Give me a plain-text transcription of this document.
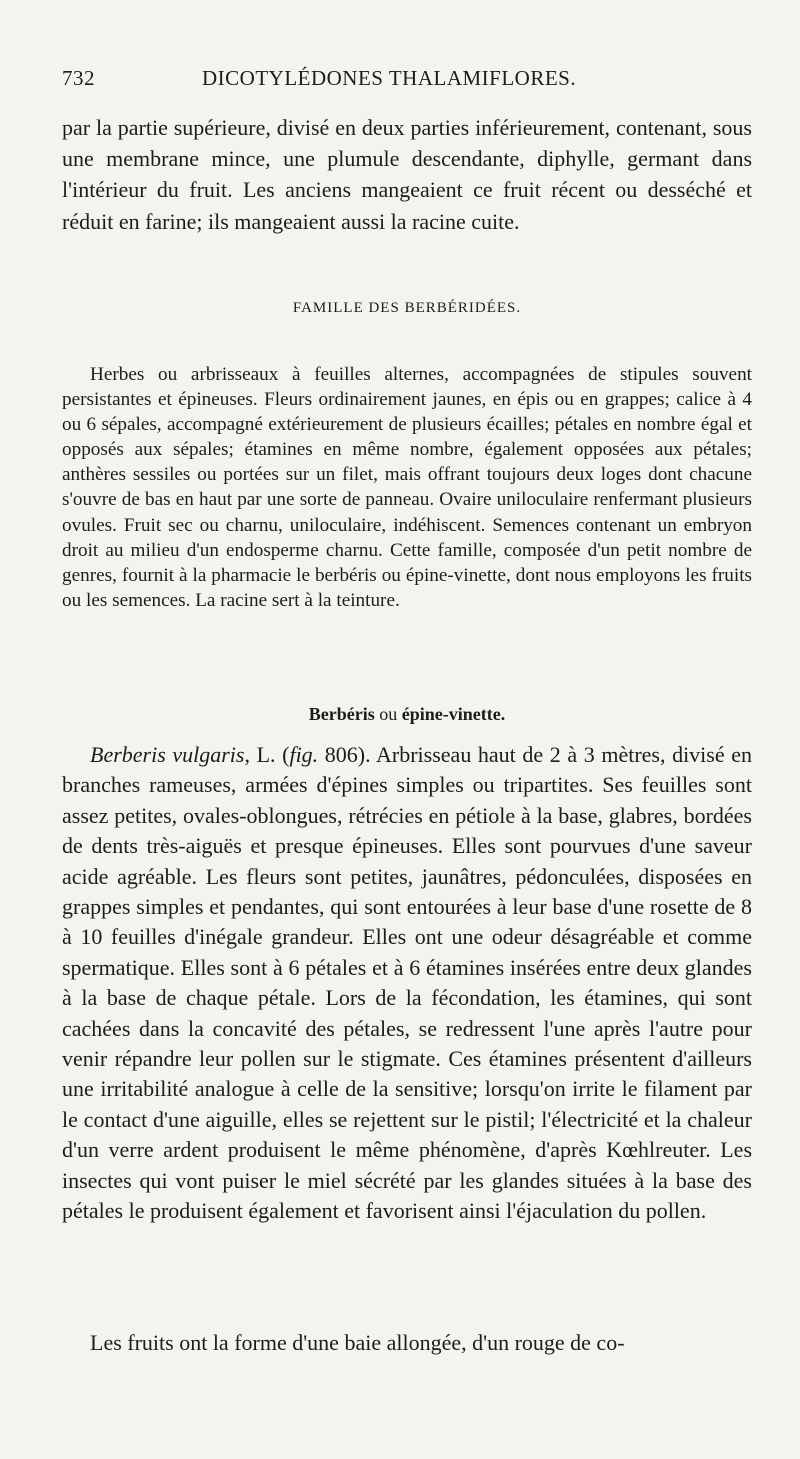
732	DICOTYLÉDONES THALAMIFLORES.

par la partie supérieure, divisé en deux parties inférieurement, contenant, sous une membrane mince, une plumule descendante, diphylle, germant dans l'intérieur du fruit. Les anciens mangeaient ce fruit récent ou desséché et réduit en farine; ils mangeaient aussi la racine cuite.

FAMILLE DES BERBÉRIDÉES.

Herbes ou arbrisseaux à feuilles alternes, accompagnées de stipules souvent persistantes et épineuses. Fleurs ordinairement jaunes, en épis ou en grappes; calice à 4 ou 6 sépales, accompagné extérieurement de plusieurs écailles; pétales en nombre égal et opposés aux sépales; étamines en même nombre, également opposées aux pétales; anthères sessiles ou portées sur un filet, mais offrant toujours deux loges dont chacune s'ouvre de bas en haut par une sorte de panneau. Ovaire uniloculaire renfermant plusieurs ovules. Fruit sec ou charnu, uniloculaire, indéhiscent. Semences contenant un embryon droit au milieu d'un endosperme charnu. Cette famille, composée d'un petit nombre de genres, fournit à la pharmacie le berbéris ou épine-vinette, dont nous employons les fruits ou les semences. La racine sert à la teinture.

Berbéris ou épine-vinette.

Berberis vulgaris, L. (fig. 806). Arbrisseau haut de 2 à 3 mètres, divisé en branches rameuses, armées d'épines simples ou tripartites. Ses feuilles sont assez petites, ovales-oblongues, rétrécies en pétiole à la base, glabres, bordées de dents très-aiguës et presque épineuses. Elles sont pourvues d'une saveur acide agréable. Les fleurs sont petites, jaunâtres, pédonculées, disposées en grappes simples et pendantes, qui sont entourées à leur base d'une rosette de 8 à 10 feuilles d'inégale grandeur. Elles ont une odeur désagréable et comme spermatique. Elles sont à 6 pétales et à 6 étamines insérées entre deux glandes à la base de chaque pétale. Lors de la fécondation, les étamines, qui sont cachées dans la concavité des pétales, se redressent l'une après l'autre pour venir répandre leur pollen sur le stigmate. Ces étamines présentent d'ailleurs une irritabilité analogue à celle de la sensitive; lorsqu'on irrite le filament par le contact d'une aiguille, elles se rejettent sur le pistil; l'électricité et la chaleur d'un verre ardent produisent le même phénomène, d'après Kœhlreuter. Les insectes qui vont puiser le miel sécrété par les glandes situées à la base des pétales le produisent également et favorisent ainsi l'éjaculation du pollen.

Les fruits ont la forme d'une baie allongée, d'un rouge de co-
